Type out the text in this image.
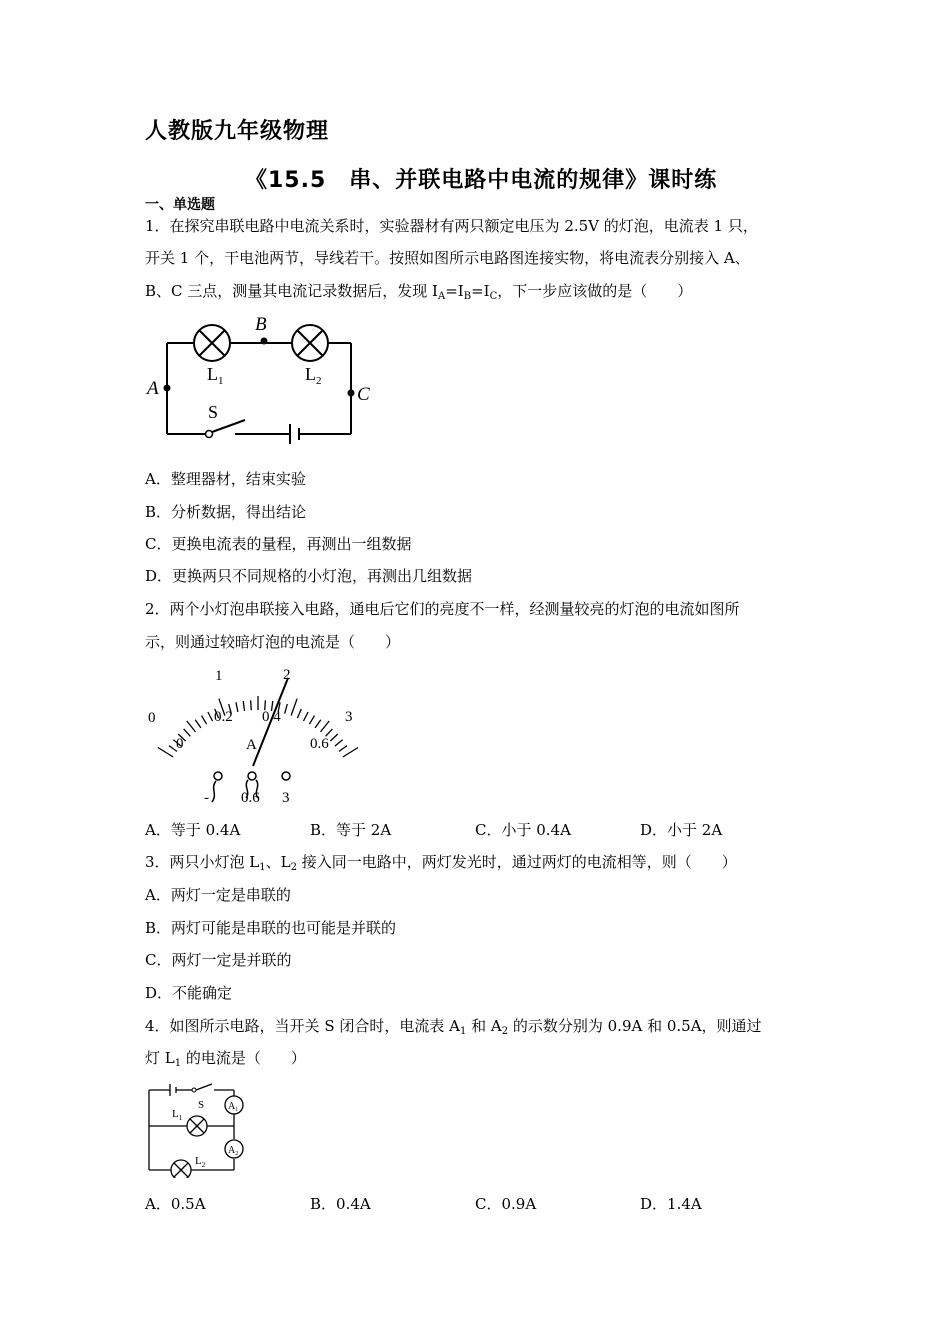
人教版九年级物理
《15.5　串、并联电路中电流的规律》课时练
一、单选题
1．在探究串联电路中电流关系时，实验器材有两只额定电压为 2.5V 的灯泡，电流表 1 只，
开关 1 个，干电池两节，导线若干。按照如图所示电路图连接实物，将电流表分别接入 A、
B、C 三点，测量其电流记录数据后，发现 $I_A=I_B=I_C$，下一步应该做的是（　　）
B
A	C
$L_1$	$L_2$
S
A．整理器材，结束实验
B．分析数据，得出结论
C．更换电流表的量程，再测出一组数据
D．更换两只不同规格的小灯泡，再测出几组数据
2．两个小灯泡串联接入电路，通电后它们的亮度不一样，经测量较亮的灯泡的电流如图所
示，则通过较暗灯泡的电流是（　　）
0
1	2
3
0
0.2 0.4
0.6
A
- 0.6 3
A．等于 0.4A	B．等于 2A	C．小于 0.4A	D．小于 2A
3．两只小灯泡 $L_1$、$L_2$ 接入同一电路中，两灯发光时，通过两灯的电流相等，则（　　）
A．两灯一定是串联的
B．两灯可能是串联的也可能是并联的
C．两灯一定是并联的
D．不能确定
4．如图所示电路，当开关 S 闭合时，电流表 $A_1$ 和 $A_2$ 的示数分别为 0.9A 和 0.5A，则通过
灯 $L_1$ 的电流是（　　）
S
$L_1$
$L_2$
$A_1$
$A_2$
A．0.5A	B．0.4A	C．0.9A	D．1.4A
